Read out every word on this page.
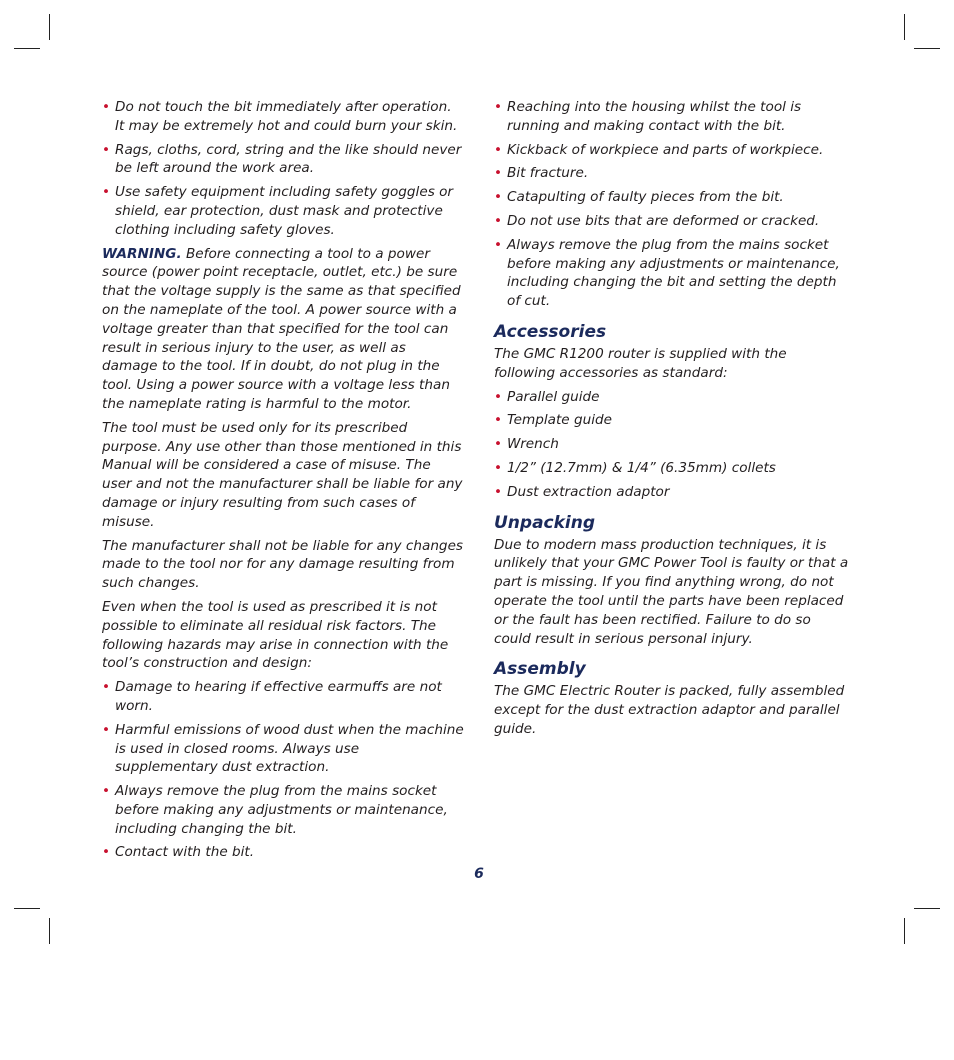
• Do not touch the bit immediately after operation. It may be extremely hot and could burn your skin.
• Rags, cloths, cord, string and the like should never be left around the work area.
• Use safety equipment including safety goggles or shield, ear protection, dust mask and protective clothing including safety gloves.

WARNING. Before connecting a tool to a power source (power point receptacle, outlet, etc.) be sure that the voltage supply is the same as that specified on the nameplate of the tool. A power source with a voltage greater than that specified for the tool can result in serious injury to the user, as well as damage to the tool. If in doubt, do not plug in the tool. Using a power source with a voltage less than the nameplate rating is harmful to the motor.

The tool must be used only for its prescribed purpose. Any use other than those mentioned in this Manual will be considered a case of misuse. The user and not the manufacturer shall be liable for any damage or injury resulting from such cases of misuse.

The manufacturer shall not be liable for any changes made to the tool nor for any damage resulting from such changes.

Even when the tool is used as prescribed it is not possible to eliminate all residual risk factors. The following hazards may arise in connection with the tool’s construction and design:

• Damage to hearing if effective earmuffs are not worn.
• Harmful emissions of wood dust when the machine is used in closed rooms. Always use supplementary dust extraction.
• Always remove the plug from the mains socket before making any adjustments or maintenance, including changing the bit.
• Contact with the bit.
• Reaching into the housing whilst the tool is running and making contact with the bit.
• Kickback of workpiece and parts of workpiece.
• Bit fracture.
• Catapulting of faulty pieces from the bit.
• Do not use bits that are deformed or cracked.
• Always remove the plug from the mains socket before making any adjustments or maintenance, including changing the bit and setting the depth of cut.
Accessories

The GMC R1200 router is supplied with the following accessories as standard:

• Parallel guide
• Template guide
• Wrench
• 1/2” (12.7mm) & 1/4” (6.35mm) collets
• Dust extraction adaptor
Unpacking

Due to modern mass production techniques, it is unlikely that your GMC Power Tool is faulty or that a part is missing. If you find anything wrong, do not operate the tool until the parts have been replaced or the fault has been rectified. Failure to do so could result in serious personal injury.

Assembly

The GMC Electric Router is packed, fully assembled except for the dust extraction adaptor and parallel guide.

6
